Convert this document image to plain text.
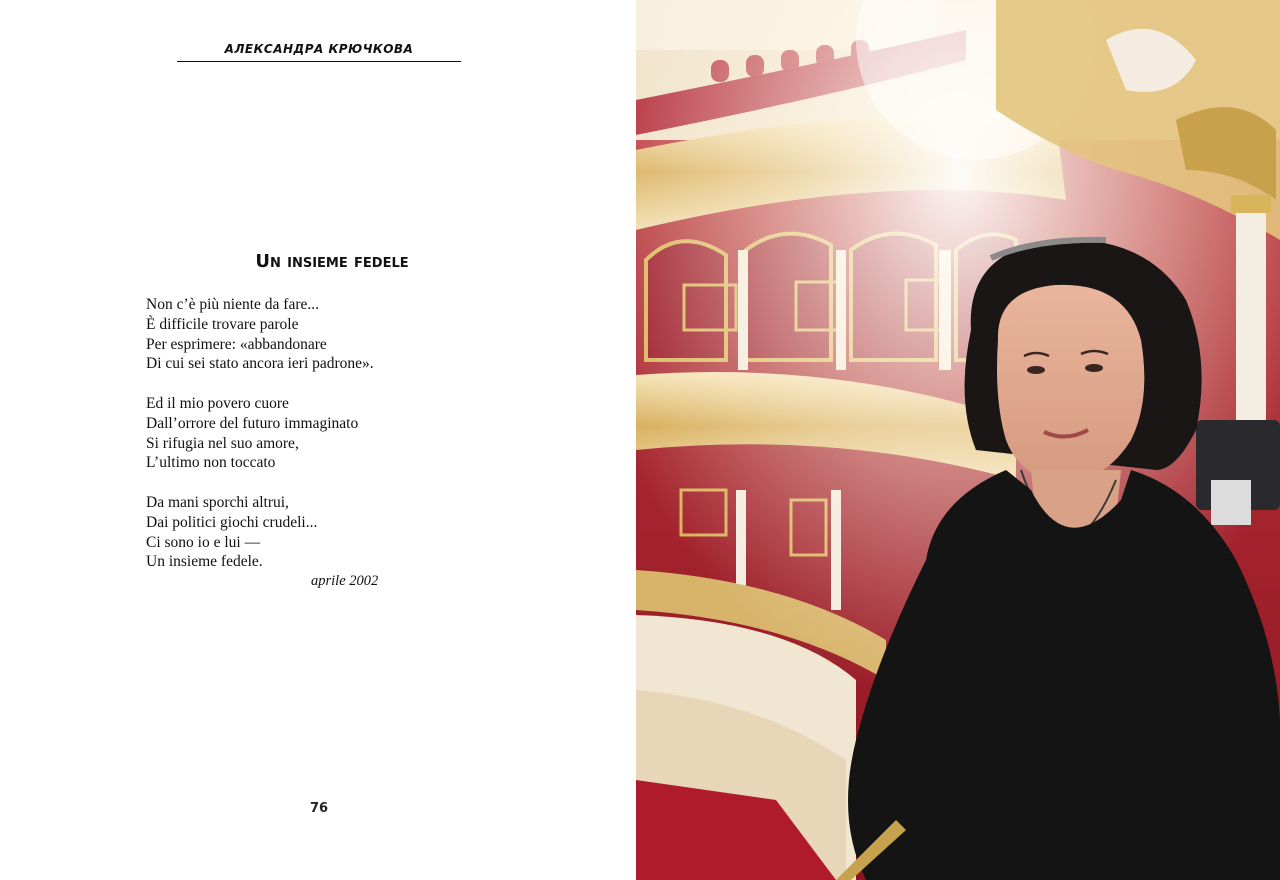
АЛЕКСАНДРА КРЮЧКОВА
Un insieme fedele
Non c’è più niente da fare...
È difficile trovare parole
Per esprimere: «abbandonare
Di cui sei stato ancora ieri padrone».
Ed il mio povero cuore
Dall’orrore del futuro immaginato
Si rifugia nel suo amore,
L’ultimo non toccato
Da mani sporchi altrui,
Dai politici giochi crudeli...
Ci sono io e lui —
Un insieme fedele.
aprile 2002
76
